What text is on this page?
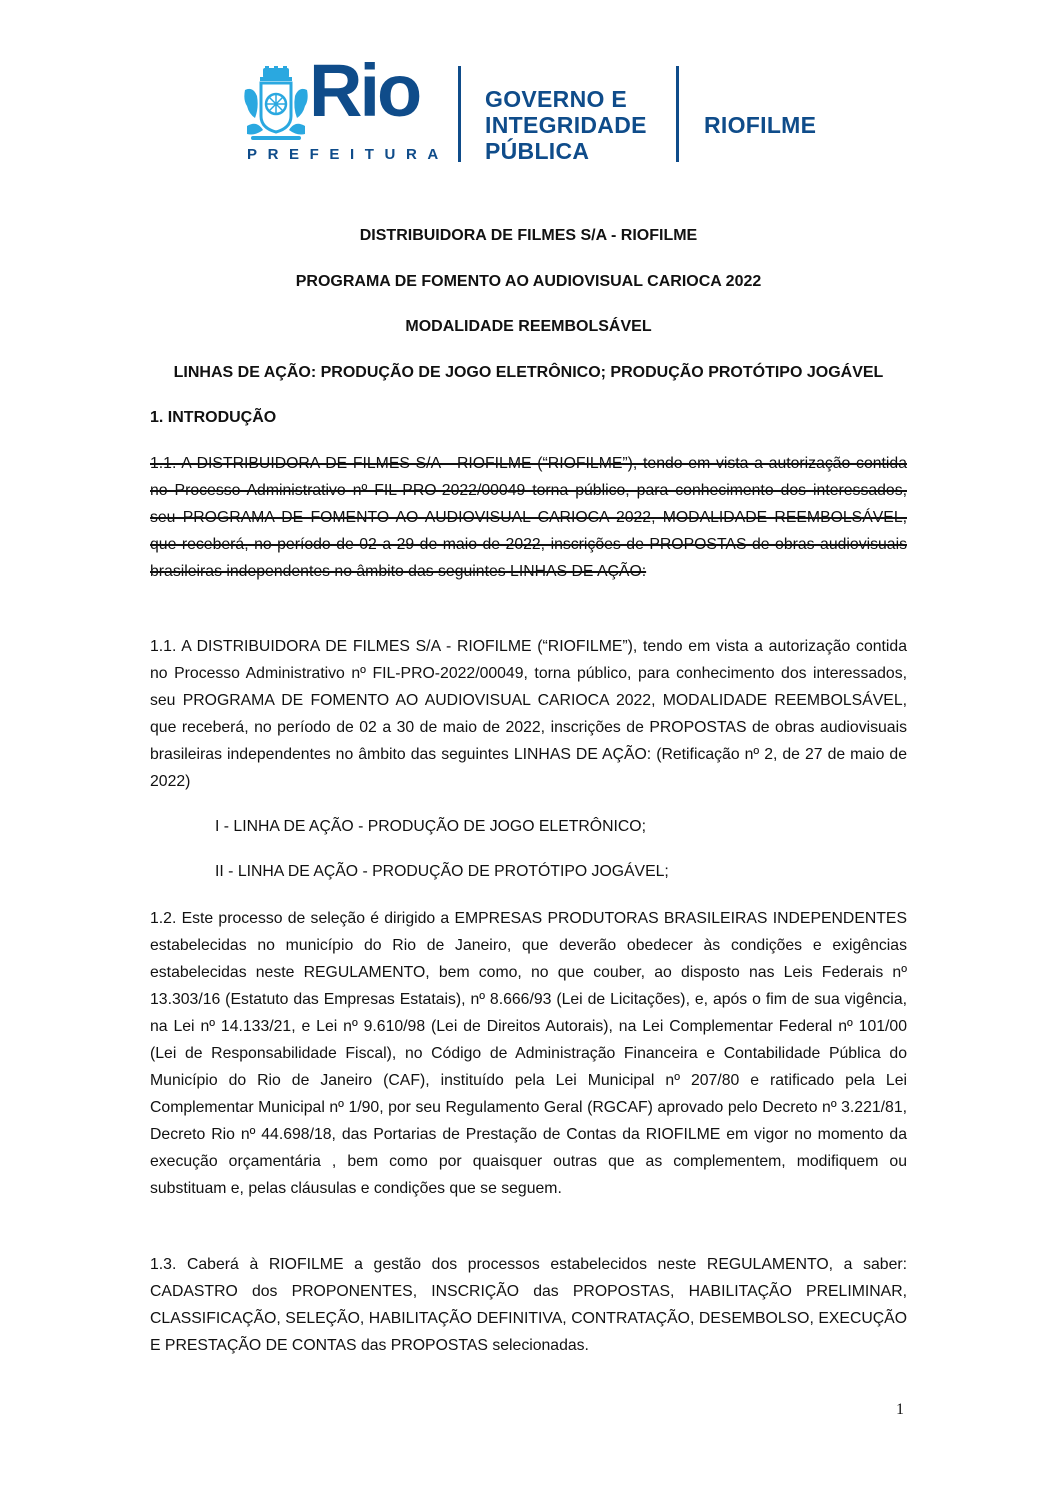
Rio
PREFEITURA
GOVERNO E
INTEGRIDADE
PÚBLICA
RIOFILME
DISTRIBUIDORA DE FILMES S/A - RIOFILME
PROGRAMA DE FOMENTO AO AUDIOVISUAL CARIOCA 2022
MODALIDADE REEMBOLSÁVEL
LINHAS DE AÇÃO: PRODUÇÃO DE JOGO ELETRÔNICO; PRODUÇÃO PROTÓTIPO JOGÁVEL
1. INTRODUÇÃO
1.1. A DISTRIBUIDORA DE FILMES S/A - RIOFILME (“RIOFILME”), tendo em vista a autorização contida no Processo Administrativo nº FIL-PRO-2022/00049 torna público, para conhecimento dos interessados, seu PROGRAMA DE FOMENTO AO AUDIOVISUAL CARIOCA 2022, MODALIDADE REEMBOLSÁVEL, que receberá, no período de 02 a 29 de maio de 2022, inscrições de PROPOSTAS de obras audiovisuais brasileiras independentes no âmbito das seguintes LINHAS DE AÇÃO:
1.1. A DISTRIBUIDORA DE FILMES S/A - RIOFILME (“RIOFILME”), tendo em vista a autorização contida no Processo Administrativo nº FIL-PRO-2022/00049, torna público, para conhecimento dos interessados, seu PROGRAMA DE FOMENTO AO AUDIOVISUAL CARIOCA 2022, MODALIDADE REEMBOLSÁVEL, que receberá, no período de 02 a 30 de maio de 2022, inscrições de PROPOSTAS de obras audiovisuais brasileiras independentes no âmbito das seguintes LINHAS DE AÇÃO: (Retificação nº 2, de 27 de maio de 2022)
I - LINHA DE AÇÃO - PRODUÇÃO DE JOGO ELETRÔNICO;
II - LINHA DE AÇÃO - PRODUÇÃO DE PROTÓTIPO JOGÁVEL;
1.2. Este processo de seleção é dirigido a EMPRESAS PRODUTORAS BRASILEIRAS INDEPENDENTES estabelecidas no município do Rio de Janeiro, que deverão obedecer às condições e exigências estabelecidas neste REGULAMENTO, bem como, no que couber, ao disposto nas Leis Federais nº 13.303/16 (Estatuto das Empresas Estatais), nº 8.666/93 (Lei de Licitações), e, após o fim de sua vigência, na Lei nº 14.133/21, e Lei nº 9.610/98 (Lei de Direitos Autorais), na Lei Complementar Federal nº 101/00 (Lei de Responsabilidade Fiscal), no Código de Administração Financeira e Contabilidade Pública do Município do Rio de Janeiro (CAF), instituído pela Lei Municipal nº 207/80 e ratificado pela Lei Complementar Municipal nº 1/90, por seu Regulamento Geral (RGCAF) aprovado pelo Decreto nº 3.221/81, Decreto Rio nº 44.698/18, das Portarias de Prestação de Contas da RIOFILME em vigor no momento da execução orçamentária , bem como por quaisquer outras que as complementem, modifiquem ou substituam e, pelas cláusulas e condições que se seguem.
1.3. Caberá à RIOFILME a gestão dos processos estabelecidos neste REGULAMENTO, a saber: CADASTRO dos PROPONENTES, INSCRIÇÃO das PROPOSTAS, HABILITAÇÃO PRELIMINAR, CLASSIFICAÇÃO, SELEÇÃO, HABILITAÇÃO DEFINITIVA, CONTRATAÇÃO, DESEMBOLSO, EXECUÇÃO E PRESTAÇÃO DE CONTAS das PROPOSTAS selecionadas.
1
